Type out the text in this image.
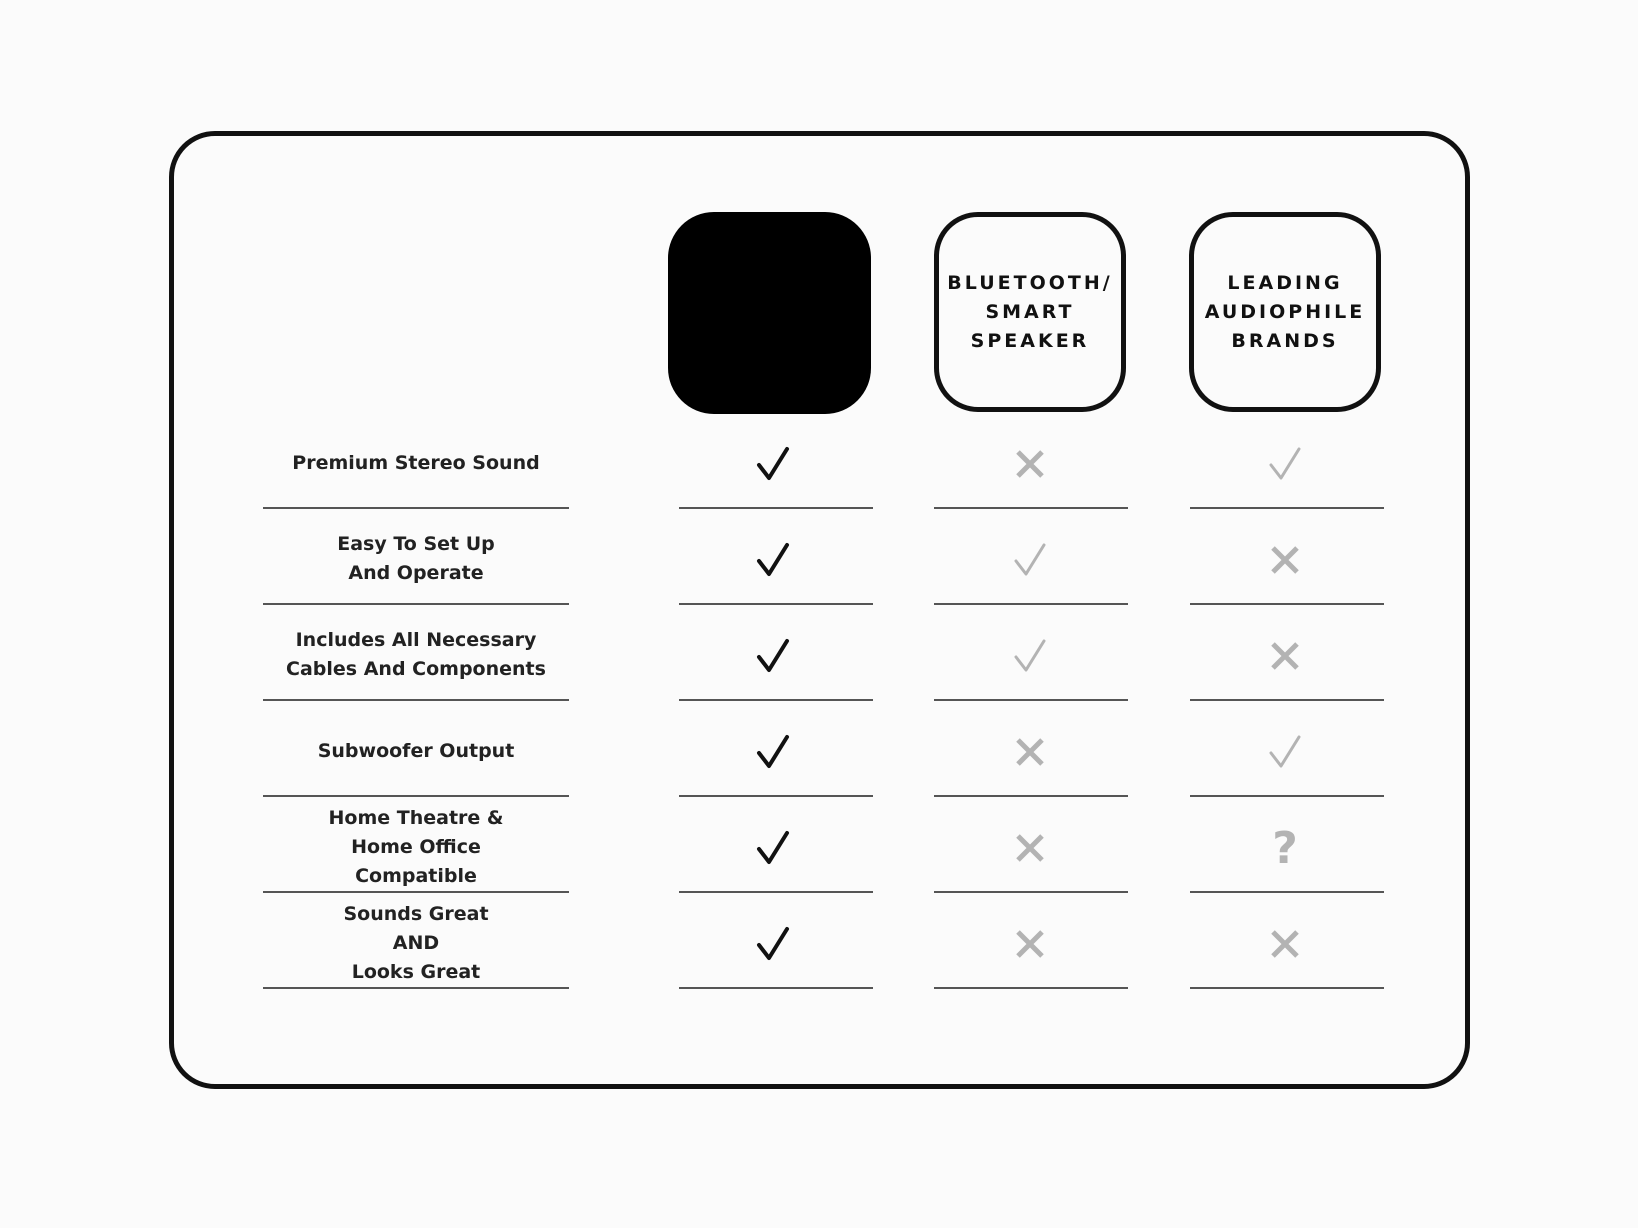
BLUETOOTH/
SMART
SPEAKER
LEADING
AUDIOPHILE
BRANDS
Premium Stereo Sound
Easy To Set Up
And Operate
Includes All Necessary
Cables And Components
Subwoofer Output
Home Theatre &
Home Office
Compatible
?
Sounds Great
AND
Looks Great
